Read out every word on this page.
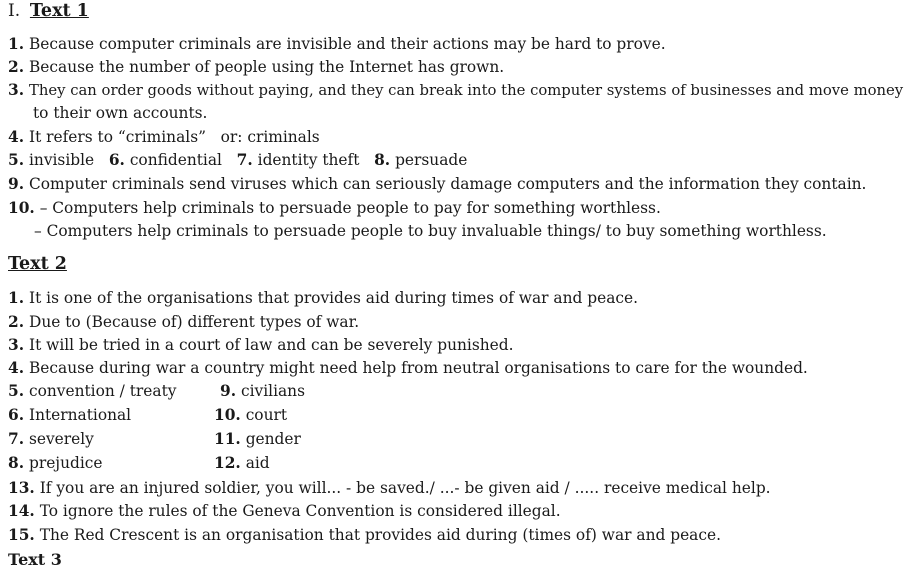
I. Text 1
1. Because computer criminals are invisible and their actions may be hard to prove.
2. Because the number of people using the Internet has grown.
3. They can order goods without paying, and they can break into the computer systems of businesses and move money
to their own accounts.
4. It refers to “criminals”   or: criminals
5. invisible 6. confidential 7. identity theft 8. persuade
9. Computer criminals send viruses which can seriously damage computers and the information they contain.
10. – Computers help criminals to persuade people to pay for something worthless.
– Computers help criminals to persuade people to buy invaluable things/ to buy something worthless.
Text 2
1. It is one of the organisations that provides aid during times of war and peace.
2. Due to (Because of) different types of war.
3. It will be tried in a court of law and can be severely punished.
4. Because during war a country might need help from neutral organisations to care for the wounded.
5. convention / treaty	9. civilians
6. International	10. court
7. severely	11. gender
8. prejudice	12. aid
13. If you are an injured soldier, you will... - be saved./ ...- be given aid / ..... receive medical help.
14. To ignore the rules of the Geneva Convention is considered illegal.
15. The Red Crescent is an organisation that provides aid during (times of) war and peace.
Text 3
